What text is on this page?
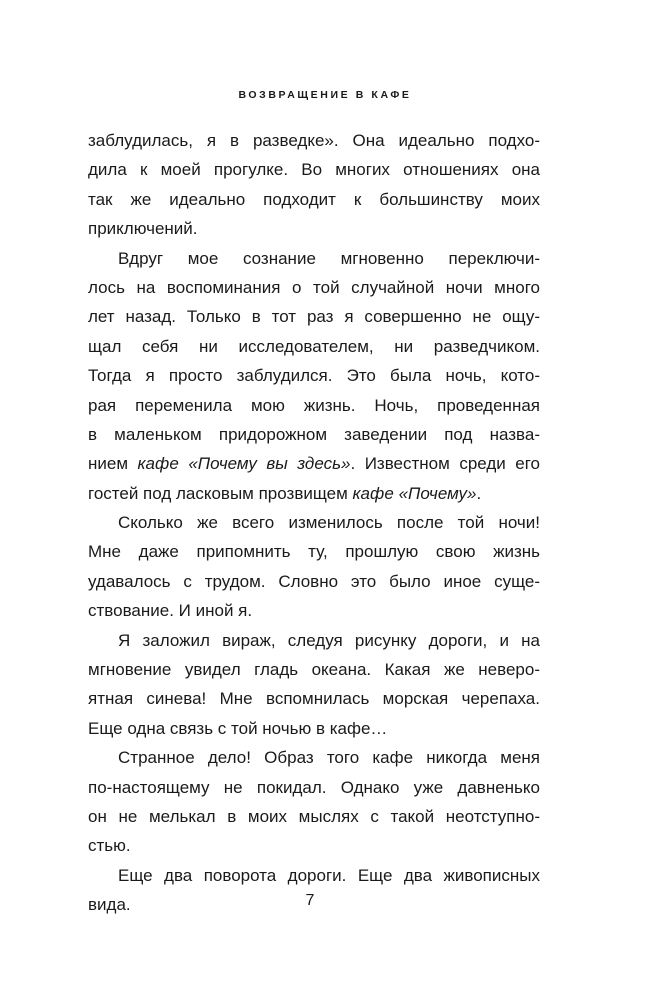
ВОЗВРАЩЕНИЕ В КАФЕ
заблудилась, я в разведке». Она идеально подхо-
дила к моей прогулке. Во многих отношениях она
так же идеально подходит к большинству моих
приключений.
Вдруг мое сознание мгновенно переключи-
лось на воспоминания о той случайной ночи много
лет назад. Только в тот раз я совершенно не ощу-
щал себя ни исследователем, ни разведчиком.
Тогда я просто заблудился. Это была ночь, кото-
рая переменила мою жизнь. Ночь, проведенная
в маленьком придорожном заведении под назва-
нием кафе «Почему вы здесь». Известном среди его
гостей под ласковым прозвищем кафе «Почему».
Сколько же всего изменилось после той ночи!
Мне даже припомнить ту, прошлую свою жизнь
удавалось с трудом. Словно это было иное суще-
ствование. И иной я.
Я заложил вираж, следуя рисунку дороги, и на
мгновение увидел гладь океана. Какая же неверо-
ятная синева! Мне вспомнилась морская черепаха.
Еще одна связь с той ночью в кафе…
Странное дело! Образ того кафе никогда меня
по-настоящему не покидал. Однако уже давненько
он не мелькал в моих мыслях с такой неотступно-
стью.
Еще два поворота дороги. Еще два живописных
вида.	7
